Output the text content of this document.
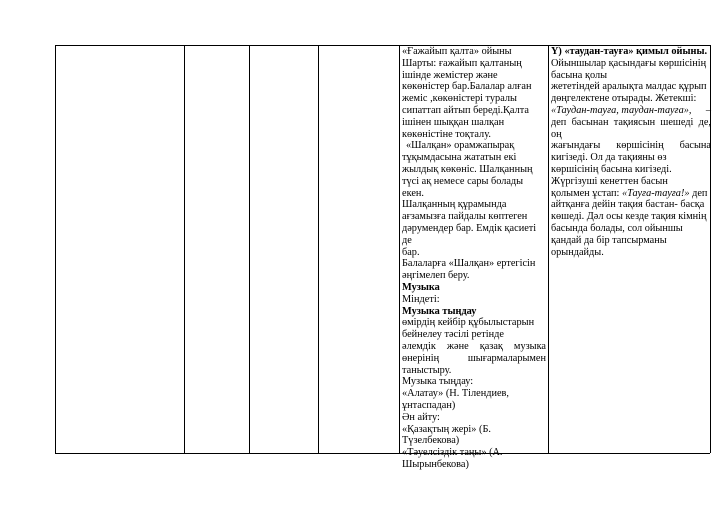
«Ғажайып қалта» ойыны

Шарты: ғажайып қалтаның

ішінде жемістер және

көкөністер бар.Балалар алған

жеміс ,көкөністері туралы

сипаттап айтып береді.Қалта

ішінен шыққан шалқан

көкөністіне тоқталу.

«Шалқан» орамжапырақ

тұқымдасына жататын екі

жылдық көкөніс. Шалқанның

түсі ақ немесе сары болады екен.

Шалқанның құрамында

ағзамызға пайдалы көптеген

дәрумендер бар. Емдік қасиеті де

бар.

Балаларға «Шалқан» ертегісін

әңгімелеп беру.

Музыка

Міндеті:

Музыка тыңдау

өмірдің кейбір құбылыстарын

бейнелеу тәсілі ретінде

әлемдік және қазақ музыка

өнерінің шығармаларымен

таныстыру.

Музыка тыңдау:

«Алатау» (Н. Тілендиев,

ұнтаспадан)

Ән айту:

«Қазақтың жері» (Б.

Түзелбекова)

«Тәуелсіздік таңы» (А.

Шырынбекова)

Ү) «таудан-тауға» қимыл ойыны.

Ойыншылар қасындағы көршісінің

басына қолы

жететіндей аралықта малдас құрып

дөңгелектене отырады. Жетекші:

«Таудан-тауға, таудан-тауға», –

деп басынан тақиясын шешеді де, оң

жағындағы көршісінің басына

кигізеді. Ол да тақияны өз

көршісінің басына кигізеді.

Жүргізуші кенеттен басын

қолымен ұстап: «Тауға-тауға!» деп

айтқанға дейін тақия бастан- басқа

көшеді. Дәл осы кезде тақия кімнің

басында болады, сол ойыншы

қандай да бір тапсырманы

орындайды.
